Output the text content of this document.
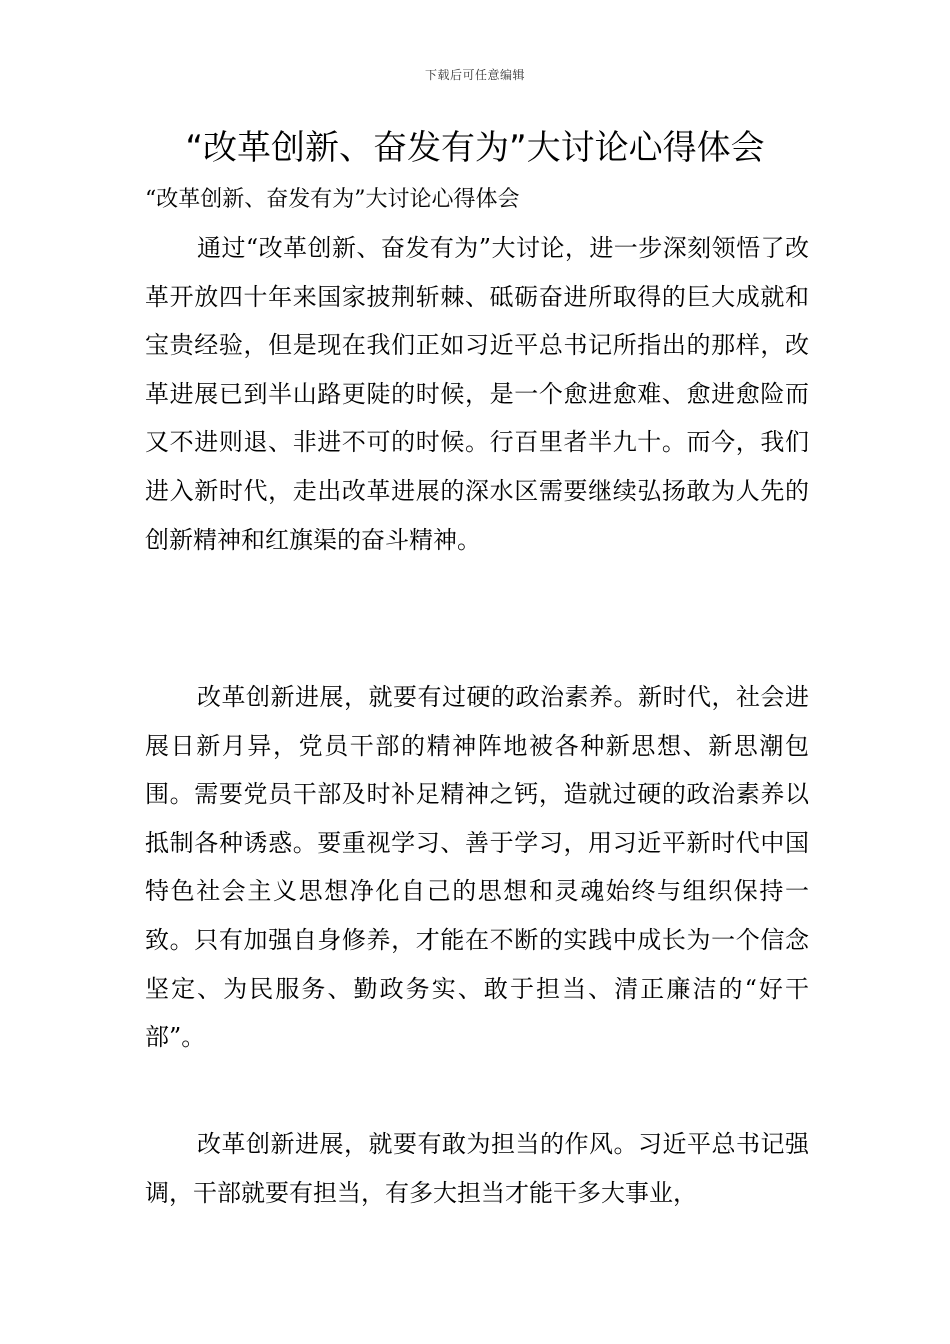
下载后可任意编辑
“改革创新、奋发有为”大讨论心得体会
“改革创新、奋发有为”大讨论心得体会

通过“改革创新、奋发有为”大讨论，进一步深刻领悟了改革开放四十年来国家披荆斩棘、砥砺奋进所取得的巨大成就和宝贵经验，但是现在我们正如习近平总书记所指出的那样，改革进展已到半山路更陡的时候，是一个愈进愈难、愈进愈险而又不进则退、非进不可的时候。行百里者半九十。而今，我们进入新时代，走出改革进展的深水区需要继续弘扬敢为人先的创新精神和红旗渠的奋斗精神。

改革创新进展，就要有过硬的政治素养。新时代，社会进展日新月异，党员干部的精神阵地被各种新思想、新思潮包围。需要党员干部及时补足精神之钙，造就过硬的政治素养以抵制各种诱惑。要重视学习、善于学习，用习近平新时代中国特色社会主义思想净化自己的思想和灵魂始终与组织保持一致。只有加强自身修养，才能在不断的实践中成长为一个信念坚定、为民服务、勤政务实、敢于担当、清正廉洁的“好干部”。

改革创新进展，就要有敢为担当的作风。习近平总书记强调，干部就要有担当，有多大担当才能干多大事业，
